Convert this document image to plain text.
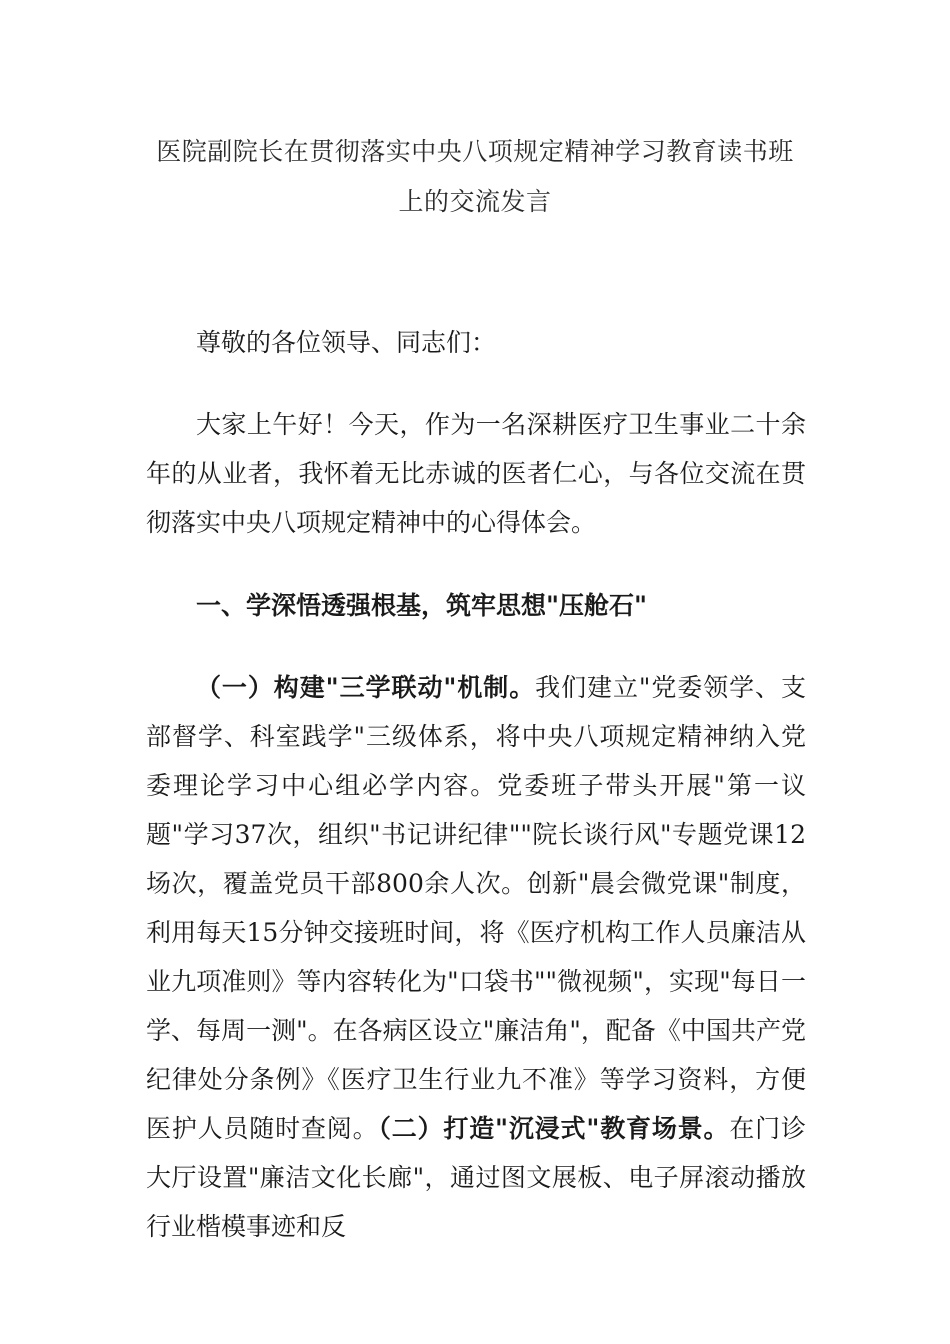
医院副院长在贯彻落实中央八项规定精神学习教育读书班
上的交流发言

尊敬的各位领导、同志们：

大家上午好！今天，作为一名深耕医疗卫生事业二十余年的从业者，我怀着无比赤诚的医者仁心，与各位交流在贯彻落实中央八项规定精神中的心得体会。

一、学深悟透强根基，筑牢思想"压舱石"

（一）构建"三学联动"机制。我们建立"党委领学、支部督学、科室践学"三级体系，将中央八项规定精神纳入党委理论学习中心组必学内容。党委班子带头开展"第一议题"学习37次，组织"书记讲纪律""院长谈行风"专题党课12场次，覆盖党员干部800余人次。创新"晨会微党课"制度，利用每天15分钟交接班时间，将《医疗机构工作人员廉洁从业九项准则》等内容转化为"口袋书""微视频"，实现"每日一学、每周一测"。在各病区设立"廉洁角"，配备《中国共产党纪律处分条例》《医疗卫生行业九不准》等学习资料，方便医护人员随时查阅。（二）打造"沉浸式"教育场景。在门诊大厅设置"廉洁文化长廊"，通过图文展板、电子屏滚动播放行业楷模事迹和反
